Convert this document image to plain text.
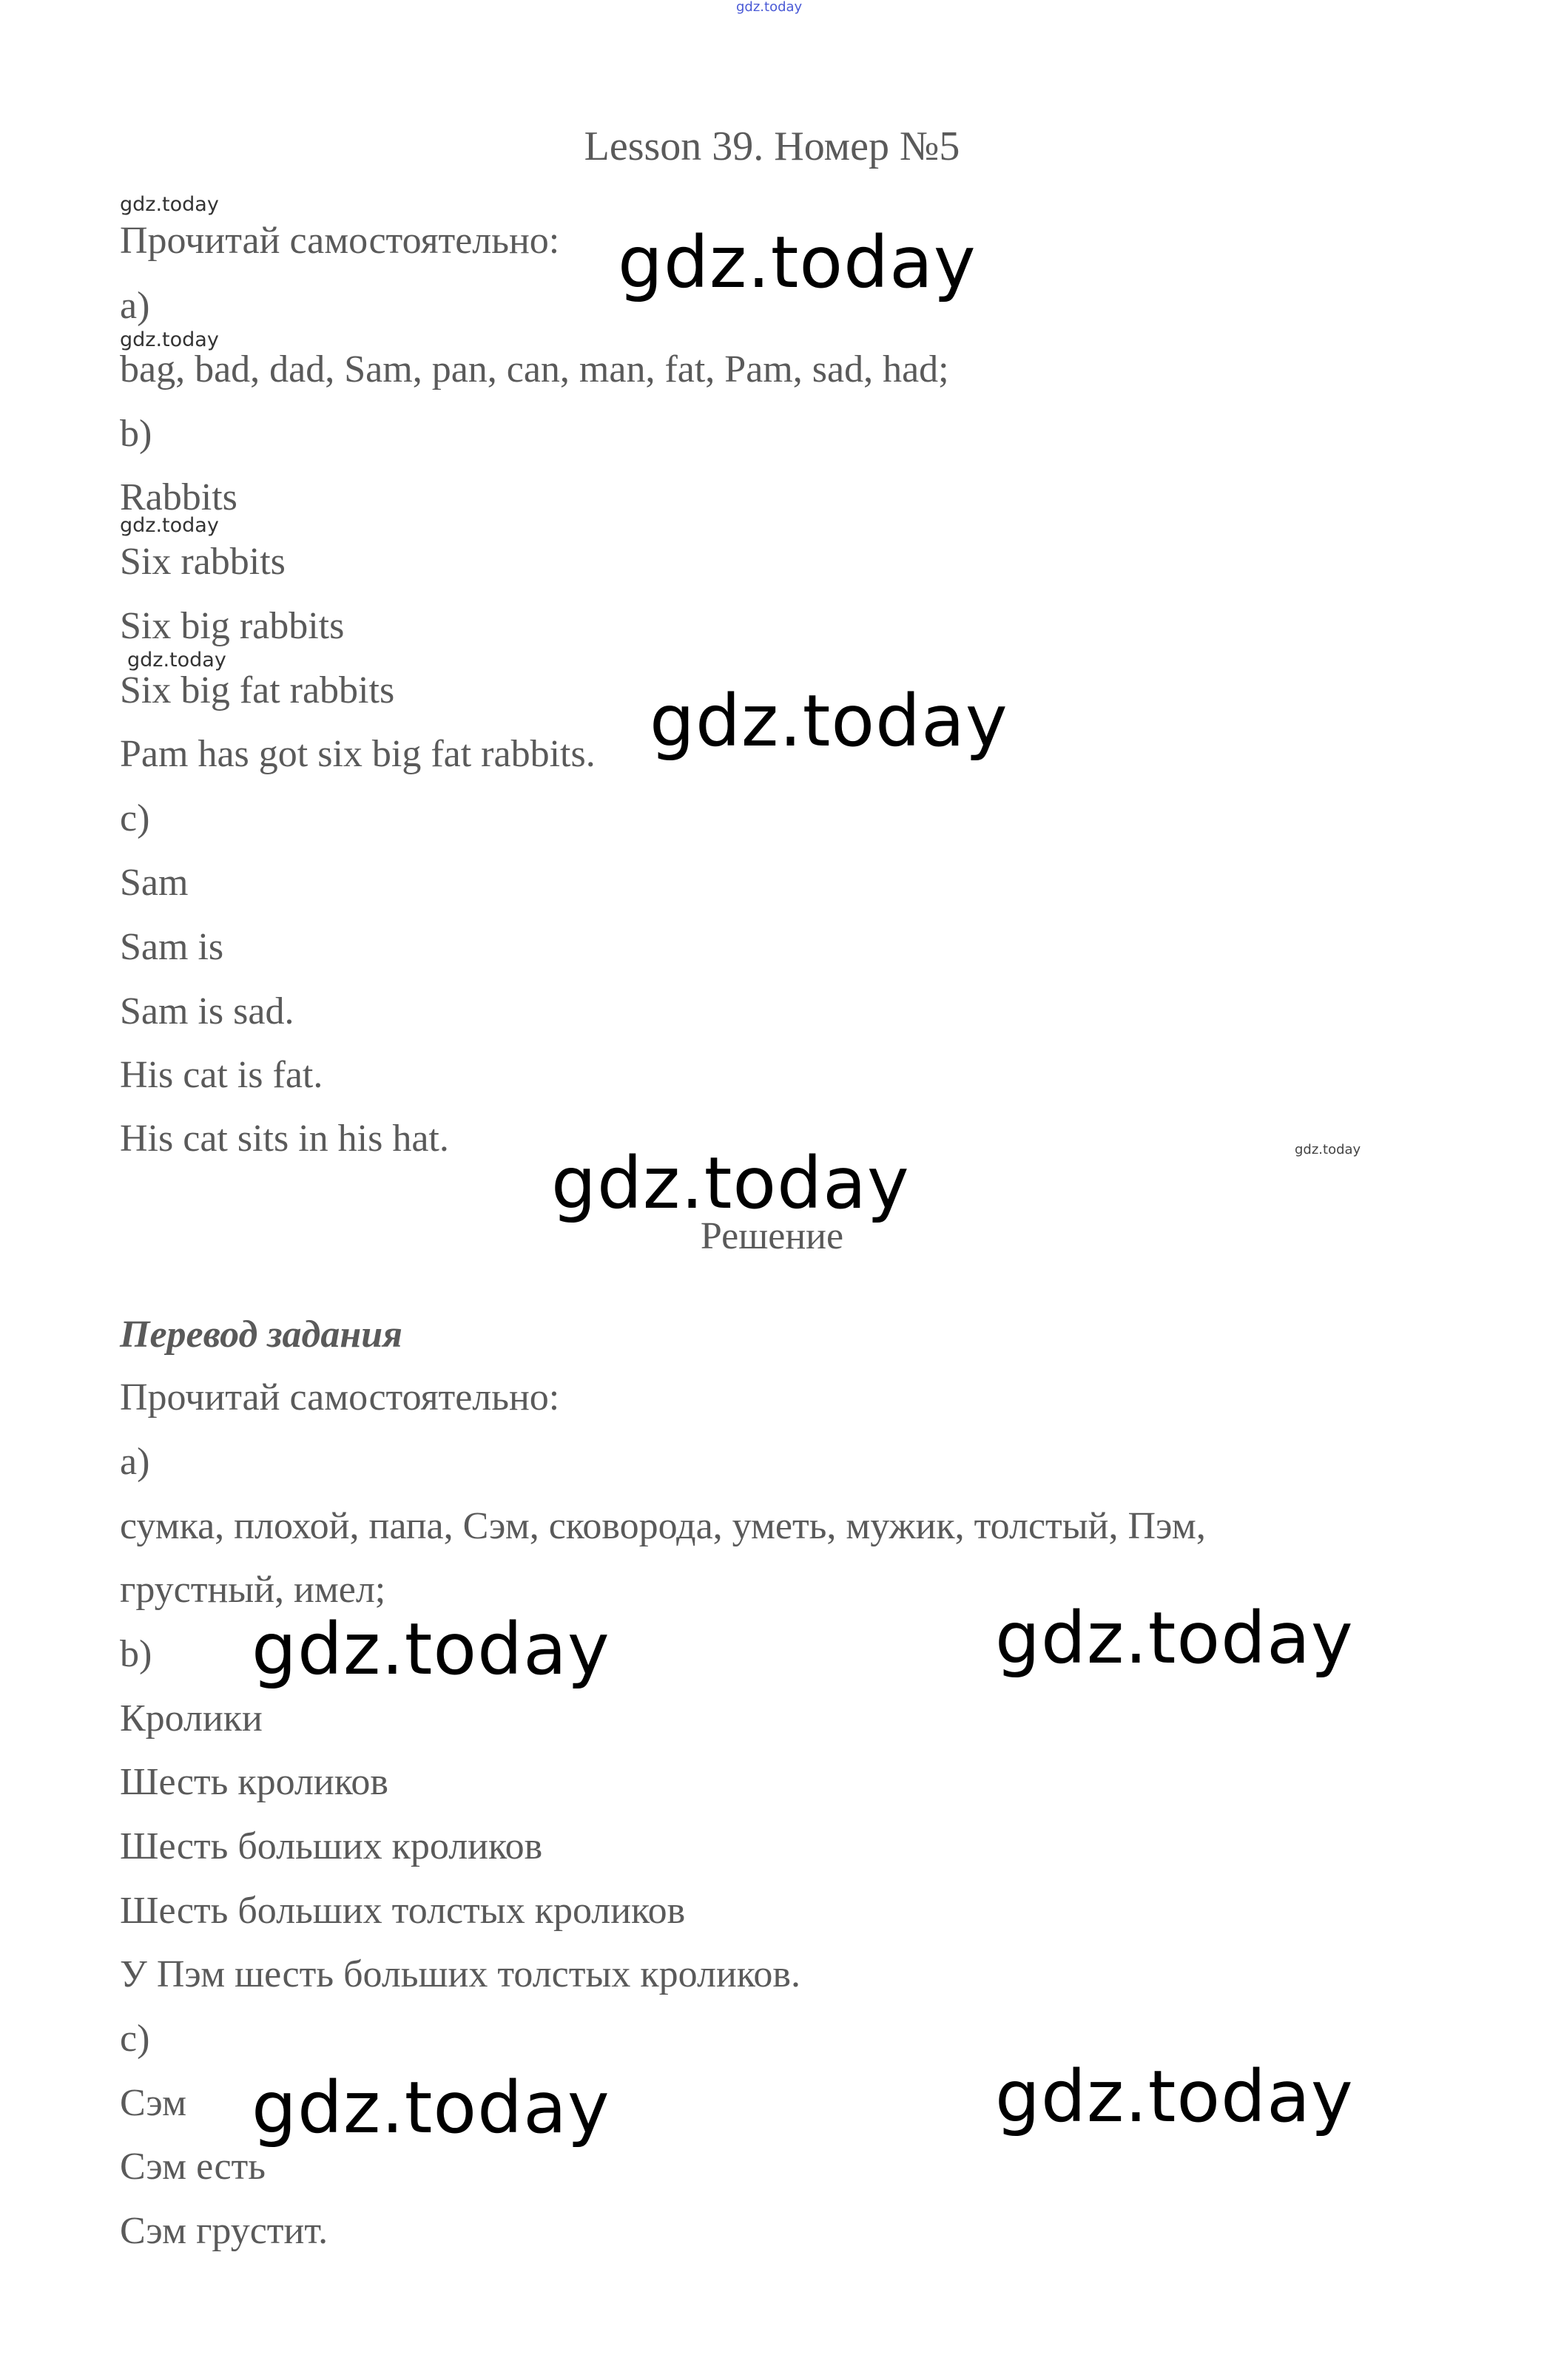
gdz.today

Lesson 39. Номер №5

gdz.today

Прочитай самостоятельно: gdz.today

a)

gdz.today

bag, bad, dad, Sam, pan, can, man, fat, Pam, sad, had;

b)

Rabbits

gdz.today

Six rabbits

Six big rabbits

gdz.today

Six big fat rabbits	gdz.today

Pam has got six big fat rabbits.

c)

Sam

Sam is

Sam is sad.

His cat is fat.

His cat sits in his hat.	gdz.today

gdz.today

Решение

Перевод задания

Прочитай самостоятельно:

a)

сумка, плохой, папа, Сэм, сковорода, уметь, мужик, толстый, Пэм,

грустный, имел;

b) gdz.today	gdz.today

Кролики

Шесть кроликов

Шесть больших кроликов

Шесть больших толстых кроликов

У Пэм шесть больших толстых кроликов.

c)

Сэм gdz.today	gdz.today

Сэм есть

Сэм грустит.
